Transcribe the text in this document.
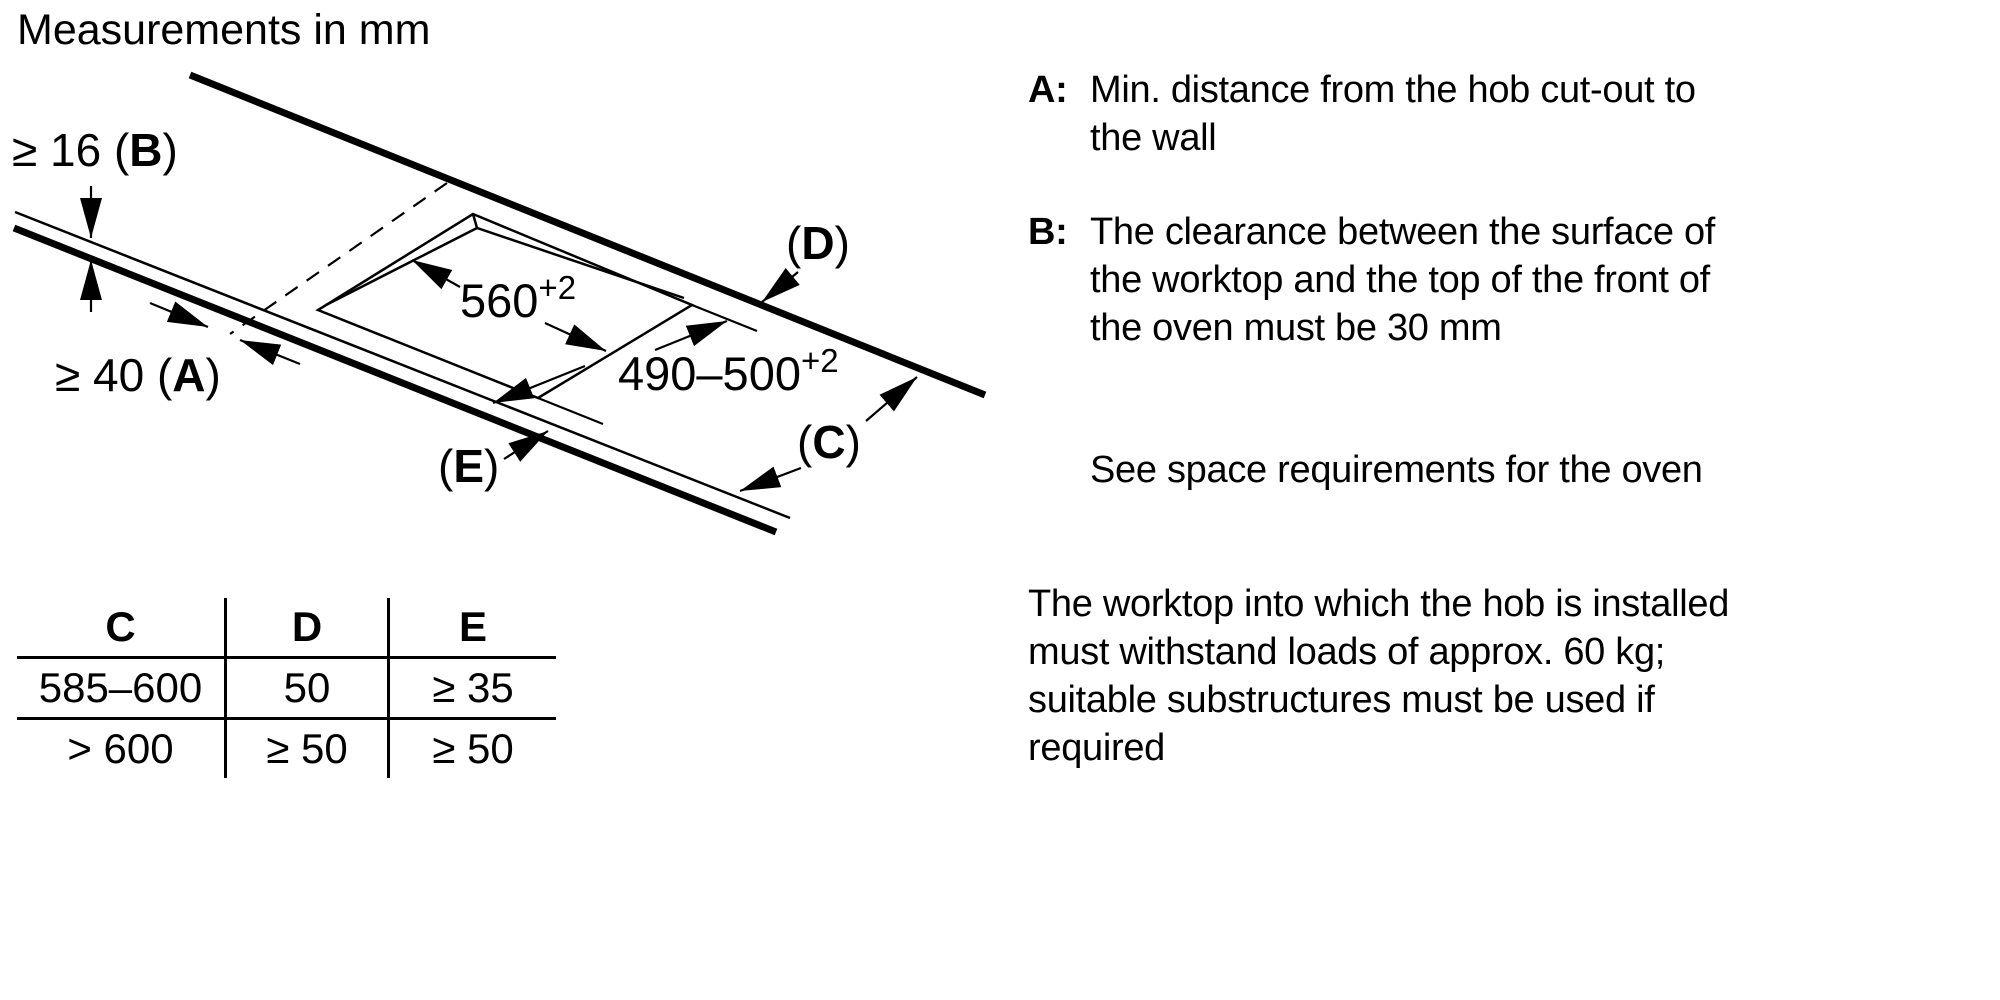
Measurements in mm
≥ 16 (B)
≥ 40 (A)
$560^{+2}$
$490-500^{+2}$
(D)
(C)
(E)
C	D	E
585–600	50	≥ 35
> 600	≥ 50	≥ 50
A: Min. distance from the hob cut-out to
the wall
B: The clearance between the surface of
the worktop and the top of the front of
the oven must be 30 mm
See space requirements for the oven
The worktop into which the hob is installed
must withstand loads of approx. 60 kg;
suitable substructures must be used if
required
